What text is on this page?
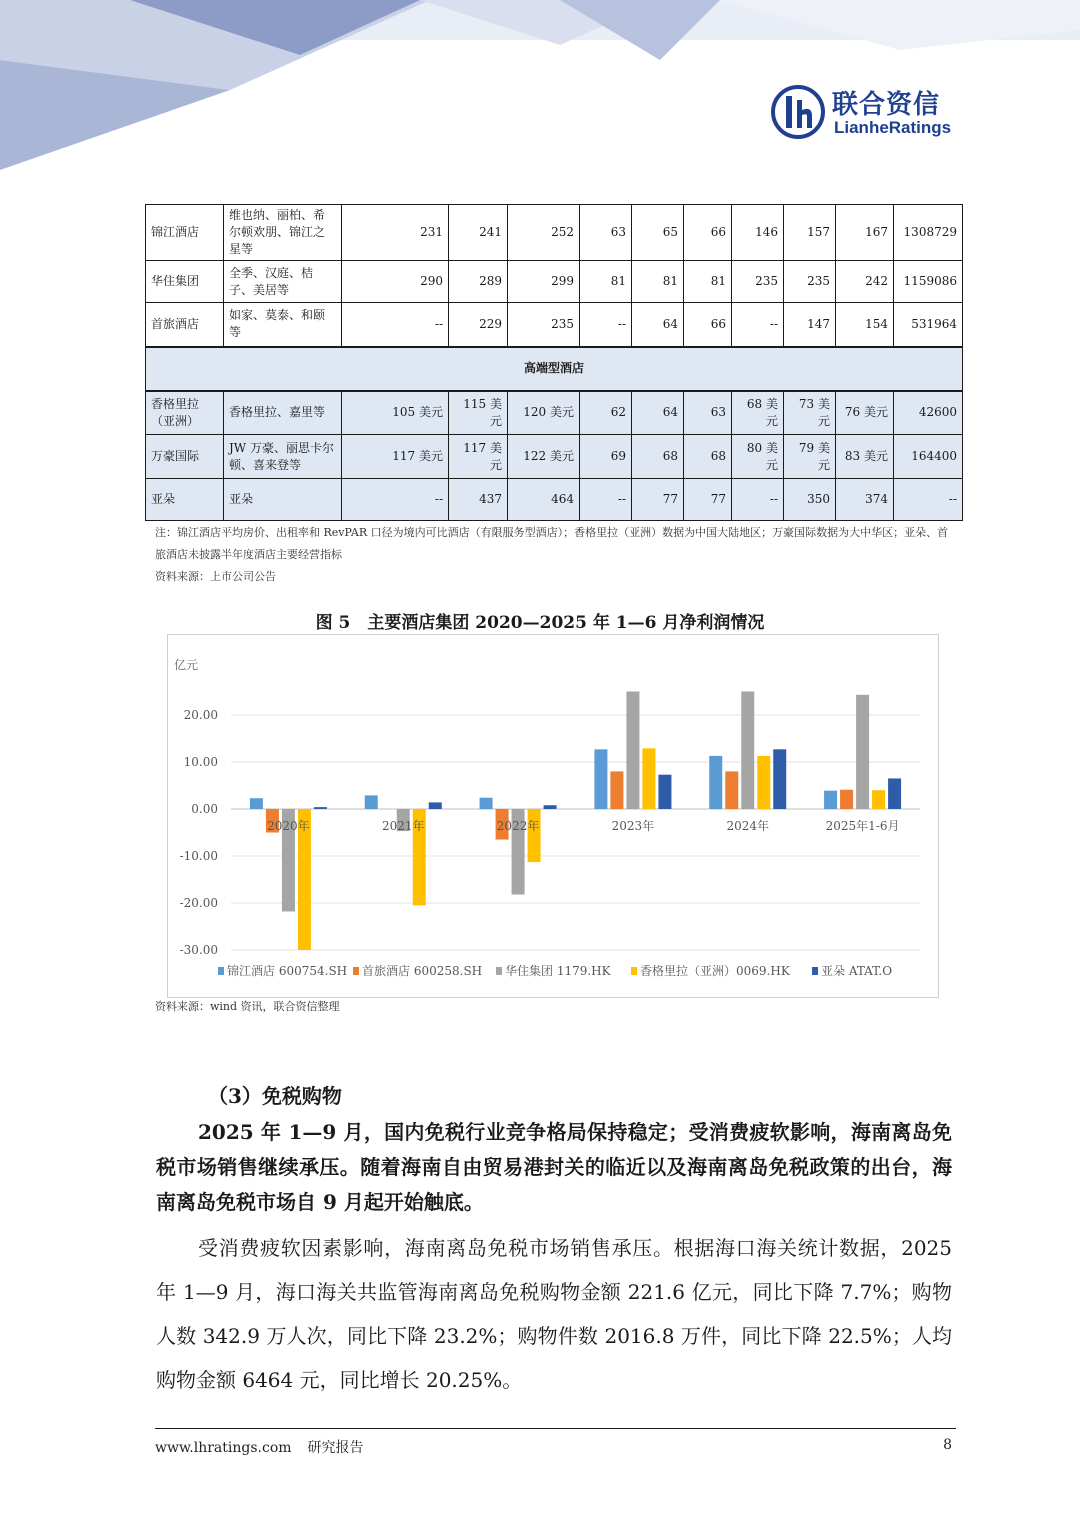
联合资信
LianheRatings
锦江酒店	维也纳、丽柏、希尔顿欢朋、锦江之星等	231	241	252	63	65	66	146	157	167	1308729
华住集团	全季、汉庭、桔子、美居等	290	289	299	81	81	81	235	235	242	1159086
首旅酒店	如家、莫泰、和颐等	--	229	235	--	64	66	--	147	154	531964
高端型酒店											
香格里拉（亚洲）	香格里拉、嘉里等	105 美元	115 美元	120 美元	62	64	63	68 美元	73 美元	76 美元	42600
万豪国际	JW 万豪、丽思卡尔顿、喜来登等	117 美元	117 美元	122 美元	69	68	68	80 美元	79 美元	83 美元	164400
亚朵	亚朵	--	437	464	--	77	77	--	350	374	--
注：锦江酒店平均房价、出租率和 RevPAR 口径为境内可比酒店（有限服务型酒店）；香格里拉（亚洲）数据为中国大陆地区；万豪国际数据为大中华区；亚朵、首旅酒店未披露半年度酒店主要经营指标
资料来源：上市公司公告
图 5　主要酒店集团 2020—2025 年 1—6 月净利润情况
亿元
20.00
10.00
0.00
-10.00
-20.00
-30.00
2020年	2021年	2022年	2023年	2024年	2025年1-6月
锦江酒店 600754.SH 首旅酒店 600258.SH 华住集团 1179.HK 香格里拉（亚洲）0069.HK	亚朵 ATAT.O
资料来源：wind 资讯，联合资信整理
（3）免税购物
2025 年 1—9 月，国内免税行业竞争格局保持稳定；受消费疲软影响，海南离岛免税市场销售继续承压。随着海南自由贸易港封关的临近以及海南离岛免税政策的出台，海南离岛免税市场自 9 月起开始触底。
受消费疲软因素影响，海南离岛免税市场销售承压。根据海口海关统计数据，2025 年 1—9 月，海口海关共监管海南离岛免税购物金额 221.6 亿元，同比下降 7.7%；购物人数 342.9 万人次，同比下降 23.2%；购物件数 2016.8 万件，同比下降 22.5%；人均购物金额 6464 元，同比增长 20.25%。
www.lhratings.com 研究报告	8
